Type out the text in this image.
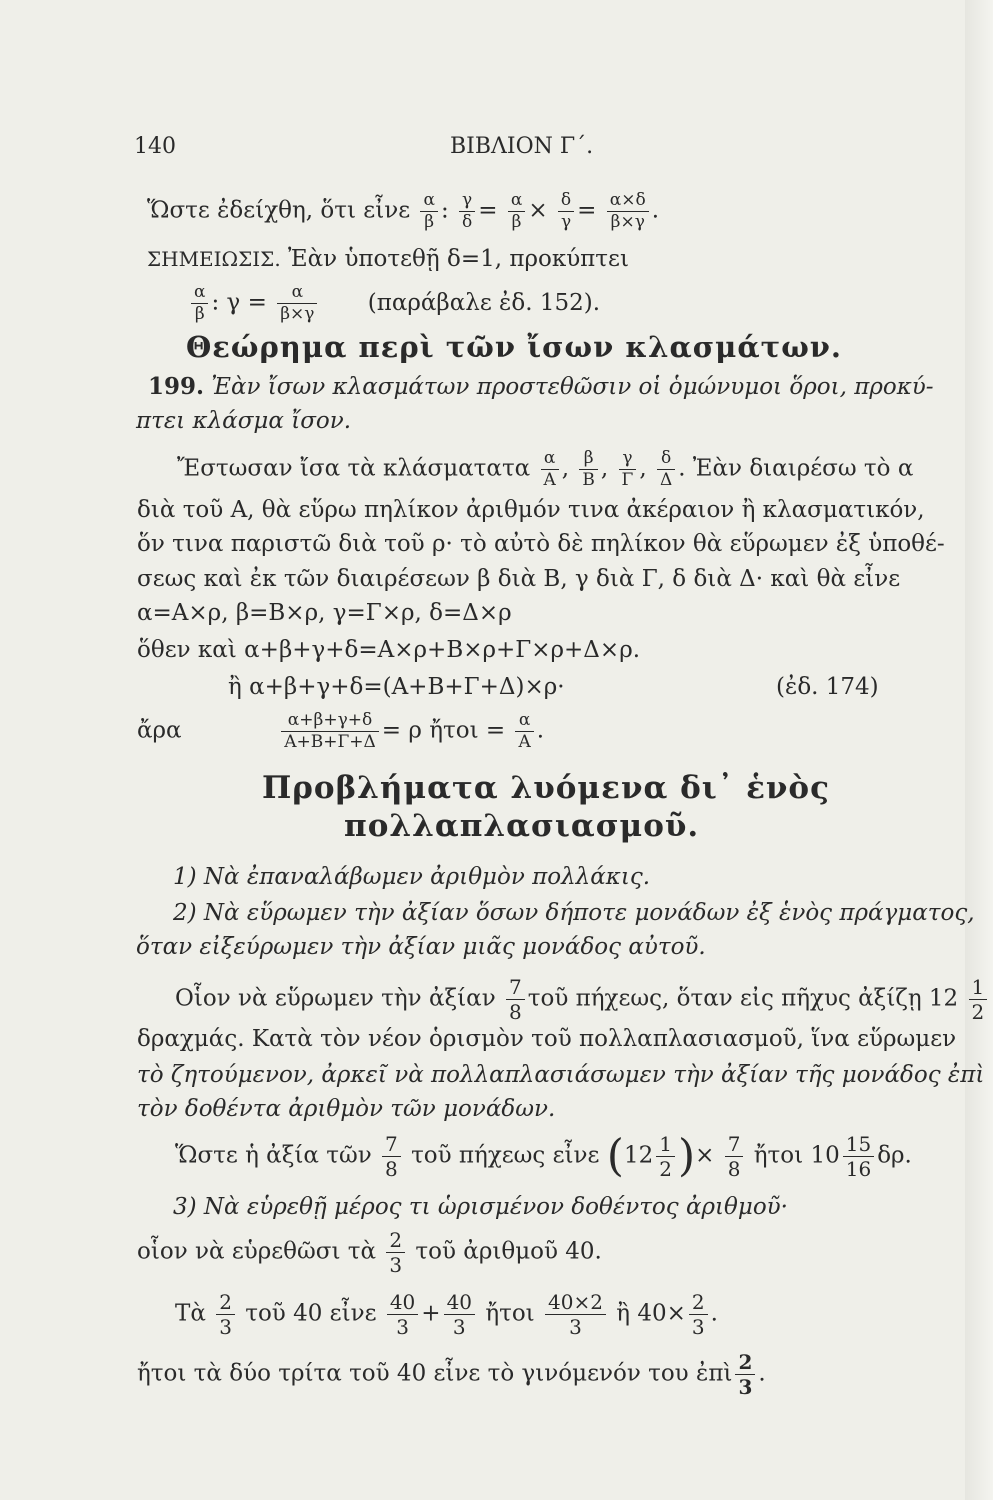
140	ΒΙΒΛΙΟΝ Γ΄.
Ὥστε ἐδείχθη, ὅτι εἶνε $\frac{\alpha}{\beta}$ : $\frac{\gamma}{\delta} = \frac{\alpha}{\beta} \times \frac{\delta}{\gamma} = \frac{\alpha\times\delta}{\beta\times\gamma}$ .
ΣΗΜΕΙΩΣΙΣ. Ἐὰν ὑποτεθῇ δ=1, προκύπτει
$\frac{\alpha}{\beta}$ : $\gamma = \frac{\alpha}{\beta\times\gamma} (\pi\alpha\rho ά\beta\alpha\lambda\varepsilon$ ἐδ. 152).
Θεώρημα περὶ τῶν ἴσων κλασμάτων.
199. Ἐὰν ἴσων κλασμάτων προστεθῶσιν οἱ ὁμώνυμοι ὅροι, προκύ-
πτει κλάσμα ἴσον.
Ἔστωσαν ἴσα τὰ κλάσματατα $\frac{\alpha}{A}$ , $\frac{\beta}{B}$ , $\frac{\gamma}{\Gamma}$ , $\frac{\delta}{\Delta}$ . Ἐὰν διαιρέσω τὸ α
διὰ τοῦ Α, θὰ εὕρω πηλίκον ἀριθμόν τινα ἀκέραιον ἢ κλασματικόν,
ὅν τινα παριστῶ διὰ τοῦ ρ· τὸ αὐτὸ δὲ πηλίκον θὰ εὕρωμεν ἐξ ὑποθέ-
σεως καὶ ἐκ τῶν διαιρέσεων β διὰ Β, γ διὰ Γ, δ διὰ Δ· καὶ θὰ εἶνε
α=Α×ρ, β=Β×ρ, γ=Γ×ρ, δ=Δ×ρ
ὅθεν καὶ α+β+γ+δ=Α×ρ+Β×ρ+Γ×ρ+Δ×ρ.
ἢ α+β+γ+δ=(Α+Β+Γ+Δ)×ρ·	(ἐδ. 174)
ἄρα	$\frac{\alpha+\beta+\gamma+\delta}{A+B+\Gamma+\Delta} = \rho$ ἤτοι = $\frac{\alpha}{A}$ .
Προβλήματα λυόμενα δι᾽ ἑνὸς
πολλαπλασιασμοῦ.
1) Νὰ ἐπαναλάβωμεν ἀριθμὸν πολλάκις.
2) Νὰ εὕρωμεν τὴν ἀξίαν ὅσων δήποτε μονάδων ἐξ ἑνὸς πράγματος,
ὅταν εἰξεύρωμεν τὴν ἀξίαν μιᾶς μονάδος αὐτοῦ.
Οἷον νὰ εὕρωμεν τὴν ἀξίαν $\frac{7}{8}$ τοῦ πήχεως, ὅταν εἰς πῆχυς ἀξίζῃ $12 \frac{1}{2}$
δραχμάς. Κατὰ τὸν νέον ὁρισμὸν τοῦ πολλαπλασιασμοῦ, ἵνα εὕρωμεν
τὸ ζητούμενον, ἀρκεῖ νὰ πολλαπλασιάσωμεν τὴν ἀξίαν τῆς μονάδος ἐπὶ
τὸν δοθέντα ἀριθμὸν τῶν μονάδων.
Ὥστε ἡ ἀξία τῶν $\frac{7}{8}$ τοῦ πήχεως εἶνε ($12 \frac{1}{2}$ )× $\frac{7}{8}$ ἤτοι $10 \frac{15}{16} \delta\rho$.
3) Νὰ εὑρεθῇ μέρος τι ὡρισμένον δοθέντος ἀριθμοῦ·
οἷον νὰ εὑρεθῶσι τὰ $\frac{2}{3}$ τοῦ ἀριθμοῦ 40.
Τὰ $\frac{2}{3}$ τοῦ 40 εἶνε $\frac{40}{3} + \frac{40}{3}$ ἤτοι $\frac{40\times 2}{3}$ ἢ $40\times \frac{2}{3}$ .
ἤτοι τὰ δύο τρίτα τοῦ 40 εἶνε τὸ γινόμενόν του ἐπὶ $\frac{2}{3}$ .
